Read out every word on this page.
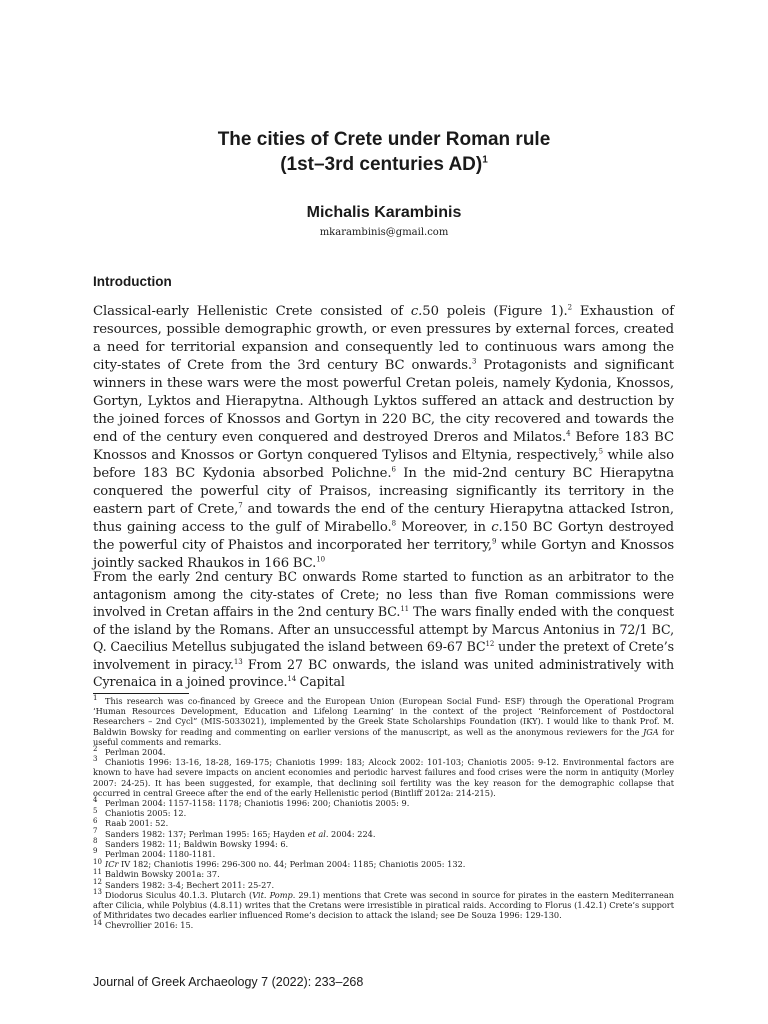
The cities of Crete under Roman rule
(1st–3rd centuries AD)$^1$
Michalis Karambinis
mkarambinis@gmail.com
Introduction
Classical-early Hellenistic Crete consisted of c.50 poleis (Figure 1).$^2$ Exhaustion of resources, possible demographic growth, or even pressures by external forces, created a need for territorial expansion and consequently led to continuous wars among the city-states of Crete from the 3rd century BC onwards.$^3$ Protagonists and significant winners in these wars were the most powerful Cretan poleis, namely Kydonia, Knossos, Gortyn, Lyktos and Hierapytna. Although Lyktos suffered an attack and destruction by the joined forces of Knossos and Gortyn in 220 BC, the city recovered and towards the end of the century even conquered and destroyed Dreros and Milatos.$^4$ Before 183 BC Knossos and Knossos or Gortyn conquered Tylisos and Eltynia, respectively,$^5$ while also before 183 BC Kydonia absorbed Polichne.$^6$ In the mid-2nd century BC Hierapytna conquered the powerful city of Praisos, increasing significantly its territory in the eastern part of Crete,$^7$ and towards the end of the century Hierapytna attacked Istron, thus gaining access to the gulf of Mirabello.$^8$ Moreover, in c.150 BC Gortyn destroyed the powerful city of Phaistos and incorporated her territory,$^9$ while Gortyn and Knossos jointly sacked Rhaukos in 166 BC.$^{10}$
From the early 2nd century BC onwards Rome started to function as an arbitrator to the antagonism among the city-states of Crete; no less than five Roman commissions were involved in Cretan affairs in the 2nd century BC.$^{11}$ The wars finally ended with the conquest of the island by the Romans. After an unsuccessful attempt by Marcus Antonius in 72/1 BC, Q. Caecilius Metellus subjugated the island between 69-67 BC$^{12}$ under the pretext of Crete’s involvement in piracy.$^{13}$ From 27 BC onwards, the island was united administratively with Cyrenaica in a joined province.$^{14}$ Capital

$^1$ This research was co-financed by Greece and the European Union (European Social Fund- ESF) through the Operational Program ‘Human Resources Development, Education and Lifelong Learning’ in the context of the project ‘Reinforcement of Postdoctoral Researchers – 2nd Cycl” (MIS-5033021), implemented by the Greek State Scholarships Foundation (IKY). I would like to thank Prof. M. Baldwin Bowsky for reading and commenting on earlier versions of the manuscript, as well as the anonymous reviewers for the JGA for useful comments and remarks.

$^2$ Perlman 2004.

$^3$ Chaniotis 1996: 13-16, 18-28, 169-175; Chaniotis 1999: 183; Alcock 2002: 101-103; Chaniotis 2005: 9-12. Environmental factors are known to have had severe impacts on ancient economies and periodic harvest failures and food crises were the norm in antiquity (Morley 2007: 24-25). It has been suggested, for example, that declining soil fertility was the key reason for the demographic collapse that occurred in central Greece after the end of the early Hellenistic period (Bintliff 2012a: 214-215).

$^4$ Perlman 2004: 1157-1158: 1178; Chaniotis 1996: 200; Chaniotis 2005: 9.

$^5$ Chaniotis 2005: 12.

$^6$ Raab 2001: 52.

$^7$ Sanders 1982: 137; Perlman 1995: 165; Hayden et al. 2004: 224.

$^8$ Sanders 1982: 11; Baldwin Bowsky 1994: 6.

$^9$ Perlman 2004: 1180-1181.

$^{10}$ ICr IV 182; Chaniotis 1996: 296-300 no. 44; Perlman 2004: 1185; Chaniotis 2005: 132.

$^{11}$ Baldwin Bowsky 2001a: 37.

$^{12}$ Sanders 1982: 3-4; Bechert 2011: 25-27.

$^{13}$ Diodorus Siculus 40.1.3. Plutarch (Vit. Pomp. 29.1) mentions that Crete was second in source for pirates in the eastern Mediterranean after Cilicia, while Polybius (4.8.11) writes that the Cretans were irresistible in piratical raids. According to Florus (1.42.1) Crete’s support of Mithridates two decades earlier influenced Rome’s decision to attack the island; see De Souza 1996: 129-130.

$^{14}$ Chevrollier 2016: 15.

Journal of Greek Archaeology 7 (2022): 233–268
